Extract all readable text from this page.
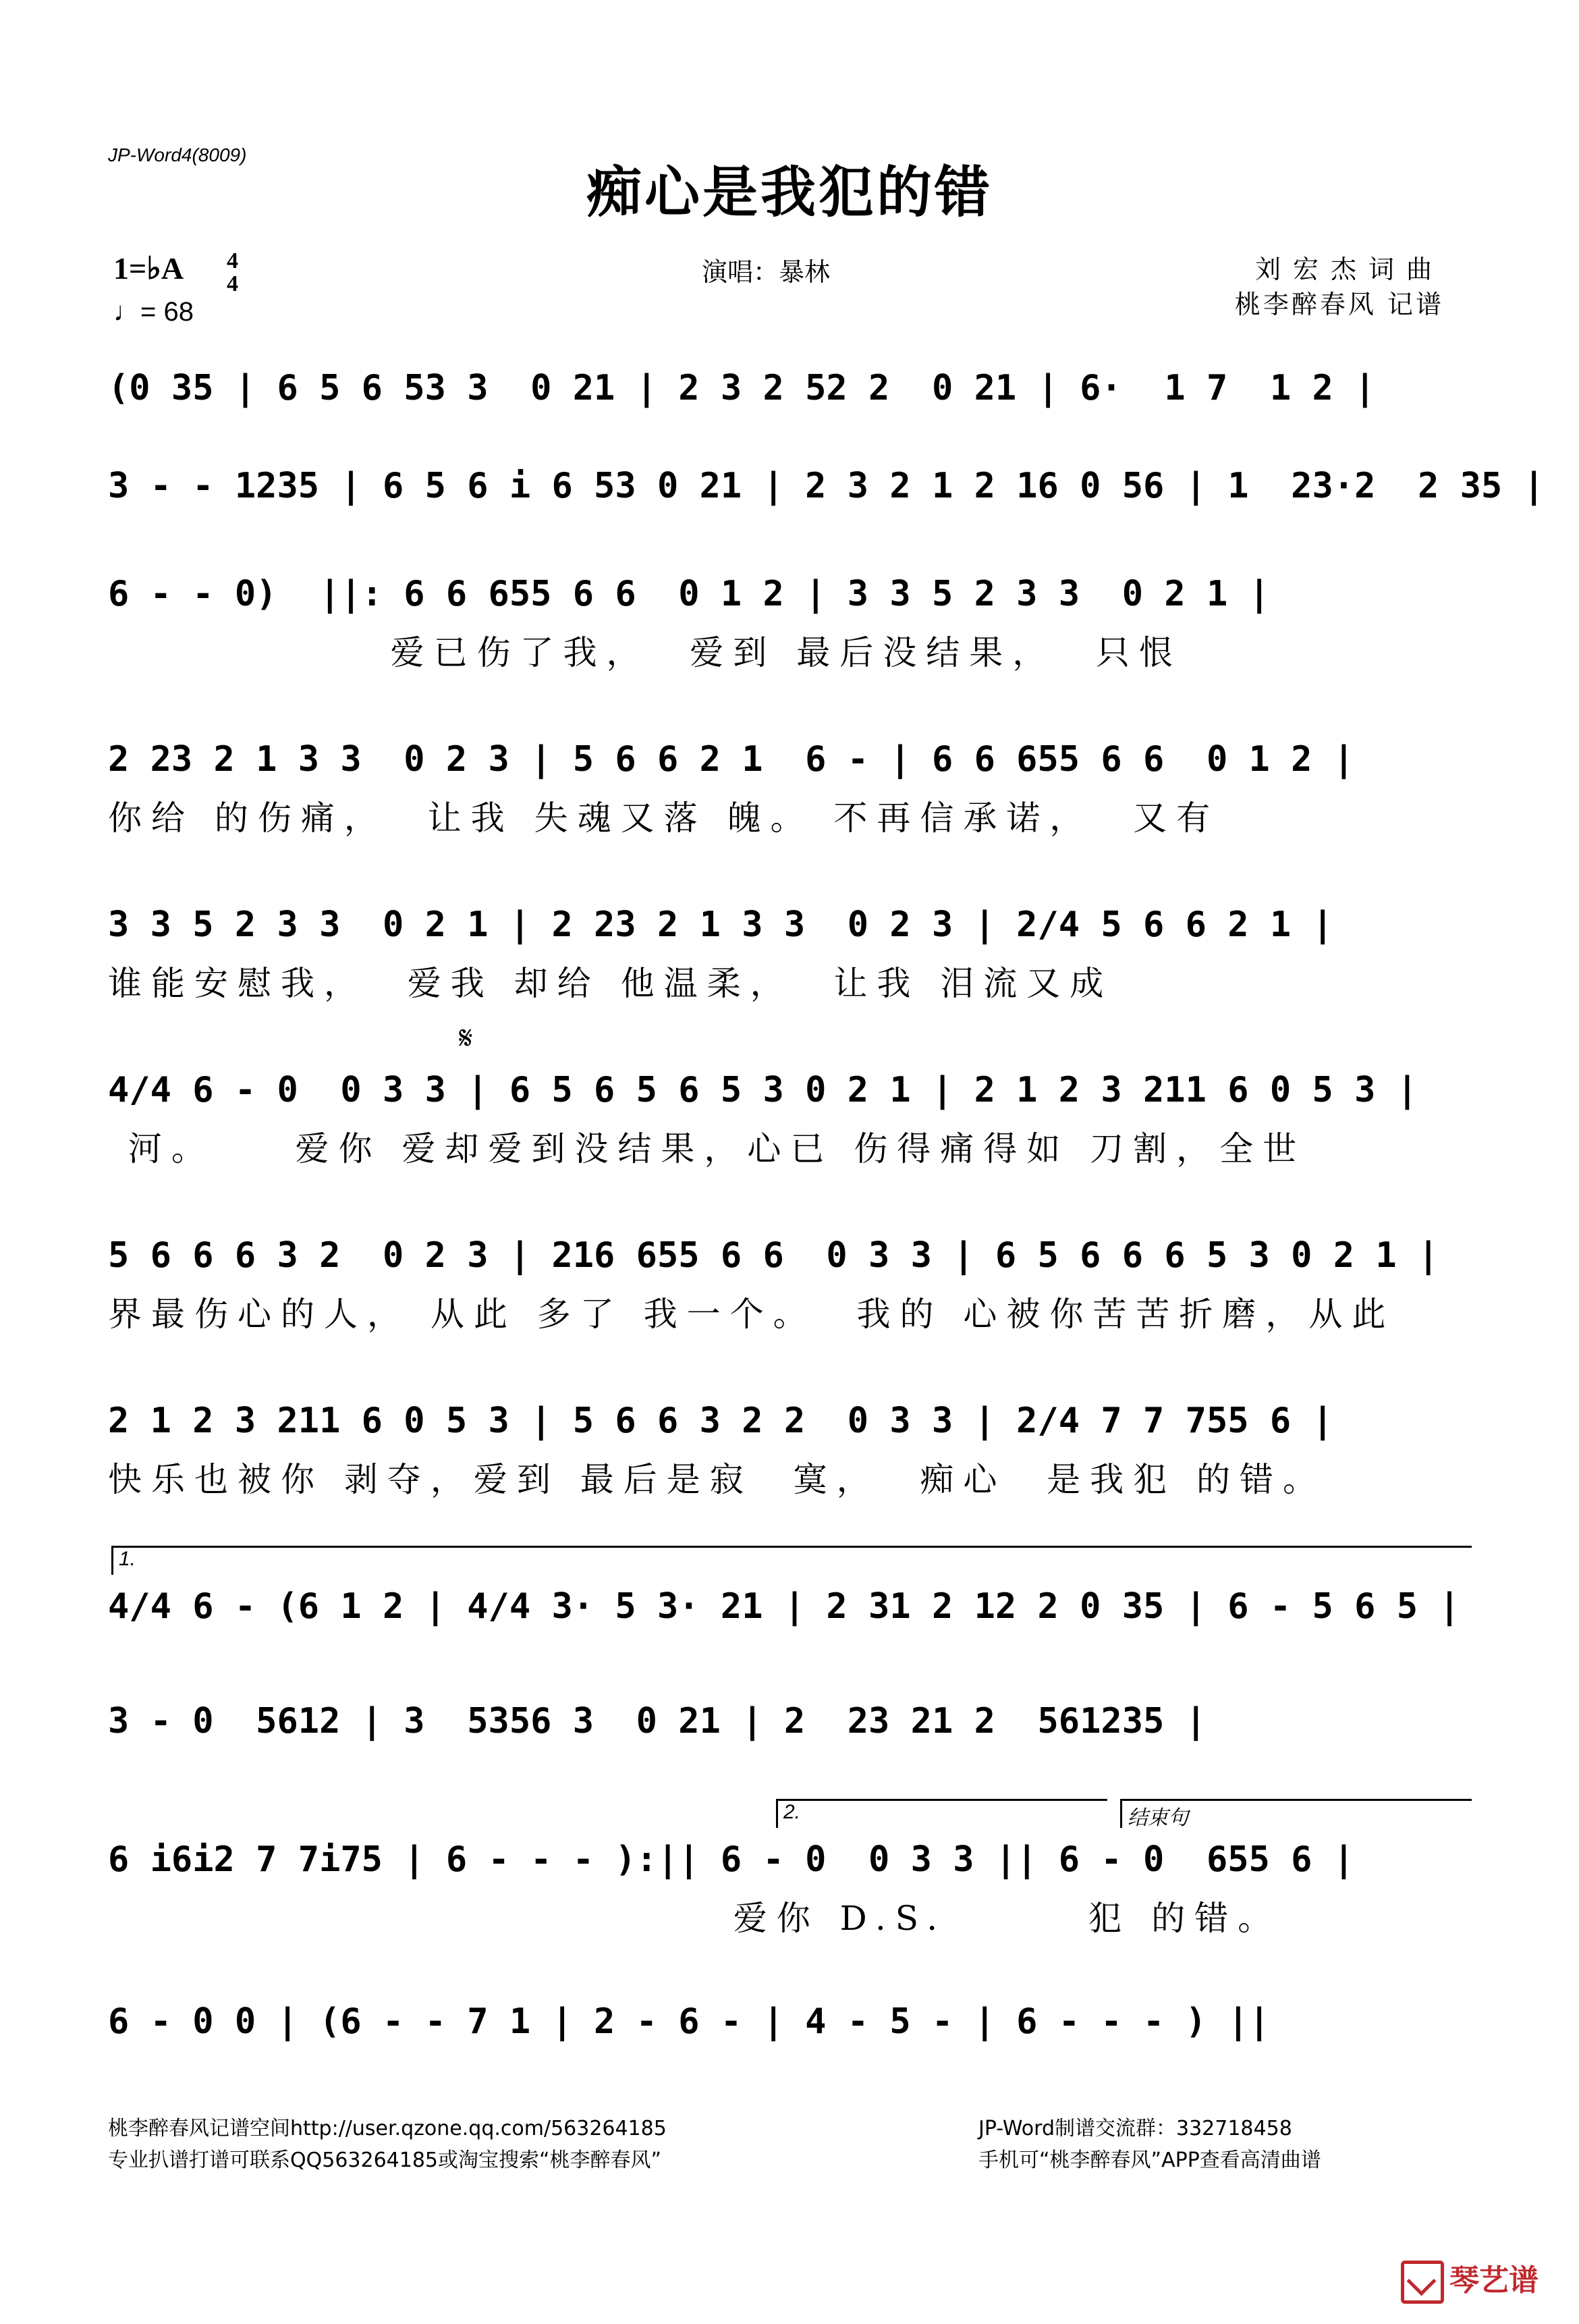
JP-Word4(8009)
痴心是我犯的错
1=♭A 4
4
♩= 68
演唱：暴林	刘宏杰词曲
桃李醉春风 记谱
(0 35 | 6 5 6 53 3  0 21 | 2 3 2 52 2  0 21 | 6·  1 7  1 2 |
3 - - 1235 | 6 5 6 i 6 53 0 21 | 2 3 2 1 2 16 0 56 | 1  23·2  2 35 |
6 - - 0)  ||: 6 6 655 6 6  0 1 2 | 3 3 5 2 3 3  0 2 1 |
爱已伤了我，  爱到 最后没结果，  只恨
2 23 2 1 3 3  0 2 3 | 5 6 6 2 1  6 - | 6 6 655 6 6  0 1 2 |
你给 的伤痛，  让我 失魂又落 魄。 不再信承诺，  又有
3 3 5 2 3 3  0 2 1 | 2 23 2 1 3 3  0 2 3 | 2/4 5 6 6 2 1 |
谁能安慰我，  爱我 却给 他温柔，  让我 泪流又成
𝄋
4/4 6 - 0  0 3 3 | 6 5 6 5 6 5 3 0 2 1 | 2 1 2 3 211 6 0 5 3 |
河。    爱你 爱却爱到没结果，心已 伤得痛得如 刀割，全世
5 6 6 6 3 2  0 2 3 | 216 655 6 6  0 3 3 | 6 5 6 6 6 5 3 0 2 1 |
界最伤心的人， 从此 多了 我一个。  我的 心被你苦苦折磨，从此
2 1 2 3 211 6 0 5 3 | 5 6 6 3 2 2  0 3 3 | 2/4 7 7 755 6 |
快乐也被你 剥夺，爱到 最后是寂  寞，  痴心  是我犯 的错。
1.
4/4 6 - (6 1 2 | 4/4 3· 5 3· 21 | 2 31 2 12 2 0 35 | 6 - 5 6 5 |
3 - 0  5612 | 3  5356 3  0 21 | 2  23 21 2  561235 |
2.	结束句
6 i6i2 7 7i75 | 6 - - - ):|| 6 - 0  0 3 3 || 6 - 0  655 6 |
爱你 D.S.       犯 的错。
6 - 0 0 | (6 - - 7 1 | 2 - 6 - | 4 - 5 - | 6 - - - ) ||
桃李醉春风记谱空间http://user.qzone.qq.com/563264185
专业扒谱打谱可联系QQ563264185或淘宝搜索“桃李醉春风”
JP-Word制谱交流群：332718458
手机可“桃李醉春风”APP查看高清曲谱
琴艺谱
